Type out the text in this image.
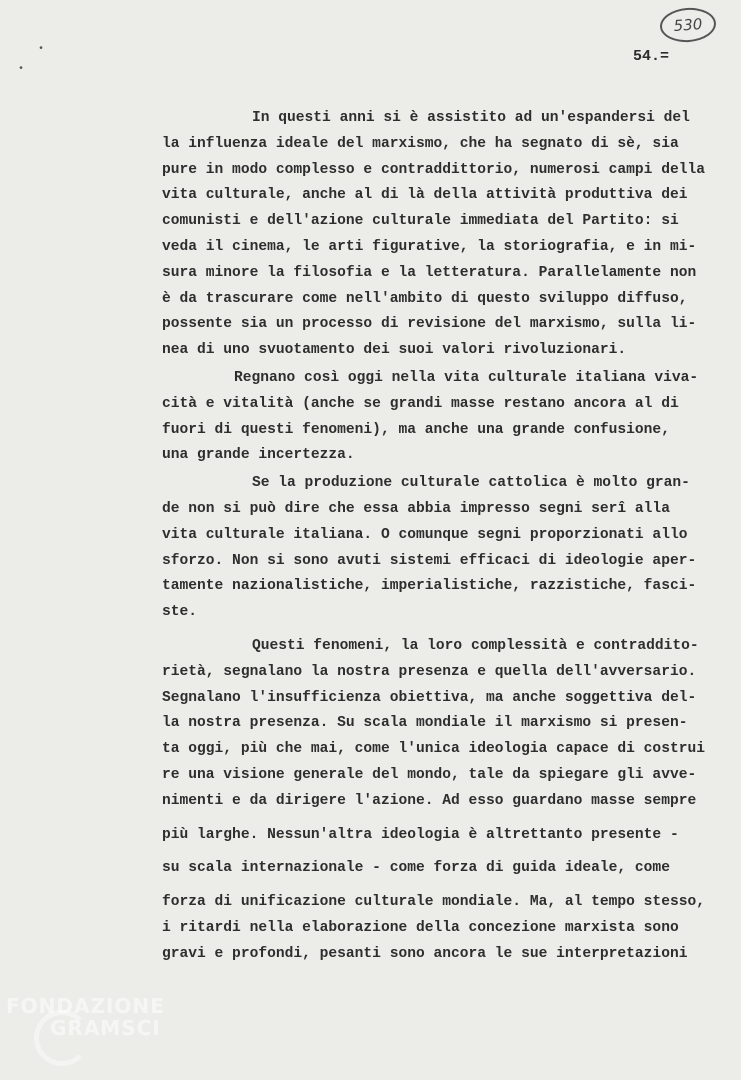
•
•
530
54.=
In questi anni si è assistito ad un'espandersi del
la influenza ideale del marxismo, che ha segnato di sè, sia
pure in modo complesso e contraddittorio, numerosi campi della
vita culturale, anche al di là della attività produttiva dei
comunisti e dell'azione culturale immediata del Partito: si
veda il cinema, le arti figurative, la storiografia, e in mi-
sura minore la filosofia e la letteratura. Parallelamente non
è da trascurare come nell'ambito di questo sviluppo diffuso,
possente sia un processo di revisione del marxismo, sulla li-
nea di uno svuotamento dei suoi valori rivoluzionari.
Regnano così oggi nella vita culturale italiana viva-
cità e vitalità (anche se grandi masse restano ancora al di
fuori di questi fenomeni), ma anche una grande confusione,
una grande incertezza.
Se la produzione culturale cattolica è molto gran-
de non si può dire che essa abbia impresso segni serî alla
vita culturale italiana. O comunque segni proporzionati allo
sforzo. Non si sono avuti sistemi efficaci di ideologie aper-
tamente nazionalistiche, imperialistiche, razzistiche, fasci-
ste.
Questi fenomeni, la loro complessità e contraddito-
rietà, segnalano la nostra presenza e quella dell'avversario.
Segnalano l'insufficienza obiettiva, ma anche soggettiva del-
la nostra presenza. Su scala mondiale il marxismo si presen-
ta oggi, più che mai, come l'unica ideologia capace di costrui
re una visione generale del mondo, tale da spiegare gli avve-
nimenti e da dirigere l'azione. Ad esso guardano masse sempre
più larghe. Nessun'altra ideologia è altrettanto presente -
su scala internazionale - come forza di guida ideale, come
forza di unificazione culturale mondiale. Ma, al tempo stesso,
i ritardi nella elaborazione della concezione marxista sono
gravi e profondi, pesanti sono ancora le sue interpretazioni
FONDAZIONE
GRAMSCI
